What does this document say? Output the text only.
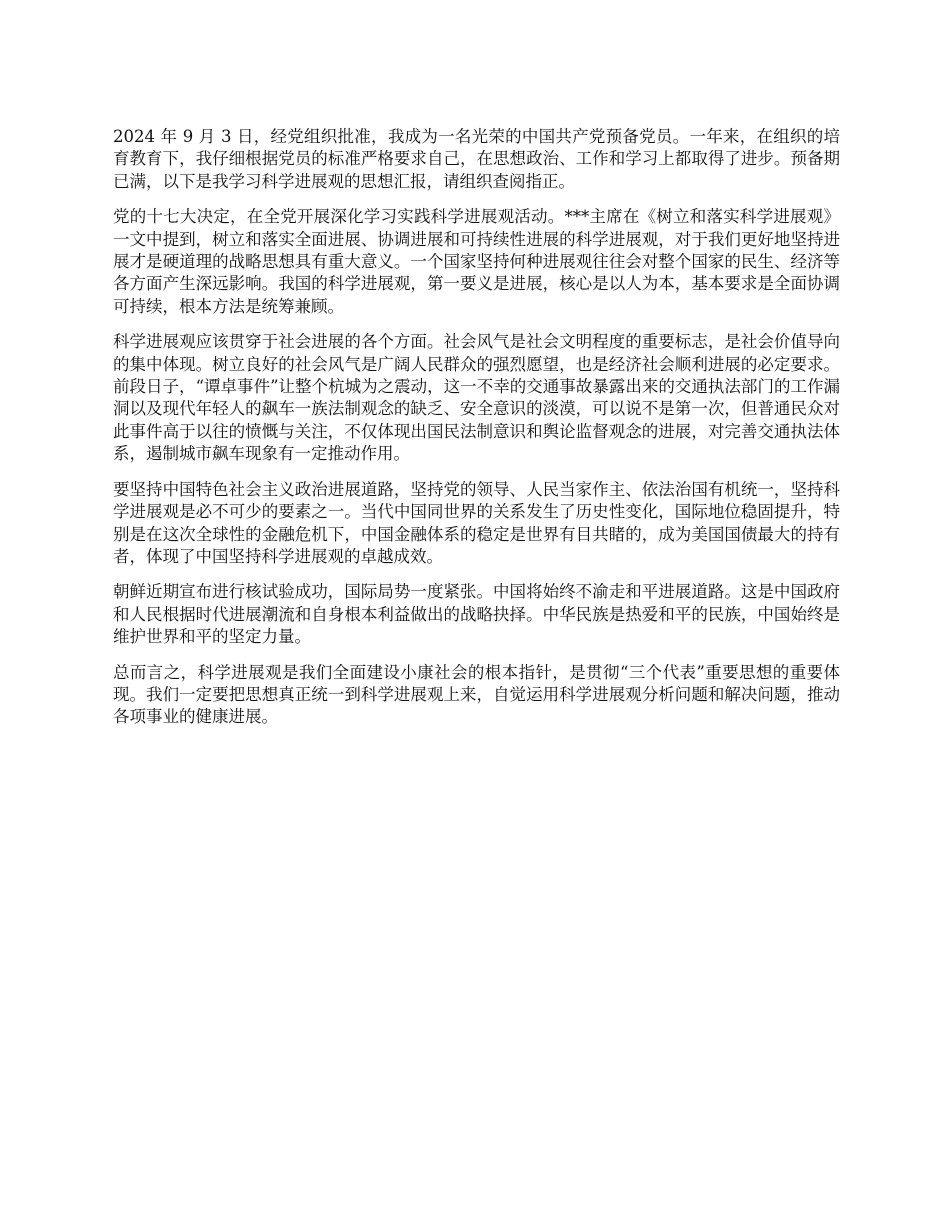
2024 年 9 月 3 日，经党组织批准，我成为一名光荣的中国共产党预备党员。一年来，在组织的培育教育下，我仔细根据党员的标准严格要求自己，在思想政治、工作和学习上都取得了进步。预备期已满，以下是我学习科学进展观的思想汇报，请组织查阅指正。

党的十七大决定，在全党开展深化学习实践科学进展观活动。***主席在《树立和落实科学进展观》一文中提到，树立和落实全面进展、协调进展和可持续性进展的科学进展观，对于我们更好地坚持进展才是硬道理的战略思想具有重大意义。一个国家坚持何种进展观往往会对整个国家的民生、经济等各方面产生深远影响。我国的科学进展观，第一要义是进展，核心是以人为本，基本要求是全面协调可持续，根本方法是统筹兼顾。

科学进展观应该贯穿于社会进展的各个方面。社会风气是社会文明程度的重要标志，是社会价值导向的集中体现。树立良好的社会风气是广阔人民群众的强烈愿望，也是经济社会顺利进展的必定要求。前段日子，“谭卓事件”让整个杭城为之震动，这一不幸的交通事故暴露出来的交通执法部门的工作漏洞以及现代年轻人的飙车一族法制观念的缺乏、安全意识的淡漠，可以说不是第一次，但普通民众对此事件高于以往的愤慨与关注，不仅体现出国民法制意识和舆论监督观念的进展，对完善交通执法体系，遏制城市飙车现象有一定推动作用。

要坚持中国特色社会主义政治进展道路，坚持党的领导、人民当家作主、依法治国有机统一，坚持科学进展观是必不可少的要素之一。当代中国同世界的关系发生了历史性变化，国际地位稳固提升，特别是在这次全球性的金融危机下，中国金融体系的稳定是世界有目共睹的，成为美国国债最大的持有者，体现了中国坚持科学进展观的卓越成效。

朝鲜近期宣布进行核试验成功，国际局势一度紧张。中国将始终不渝走和平进展道路。这是中国政府和人民根据时代进展潮流和自身根本利益做出的战略抉择。中华民族是热爱和平的民族，中国始终是维护世界和平的坚定力量。

总而言之，科学进展观是我们全面建设小康社会的根本指针，是贯彻“三个代表”重要思想的重要体现。我们一定要把思想真正统一到科学进展观上来，自觉运用科学进展观分析问题和解决问题，推动各项事业的健康进展。
